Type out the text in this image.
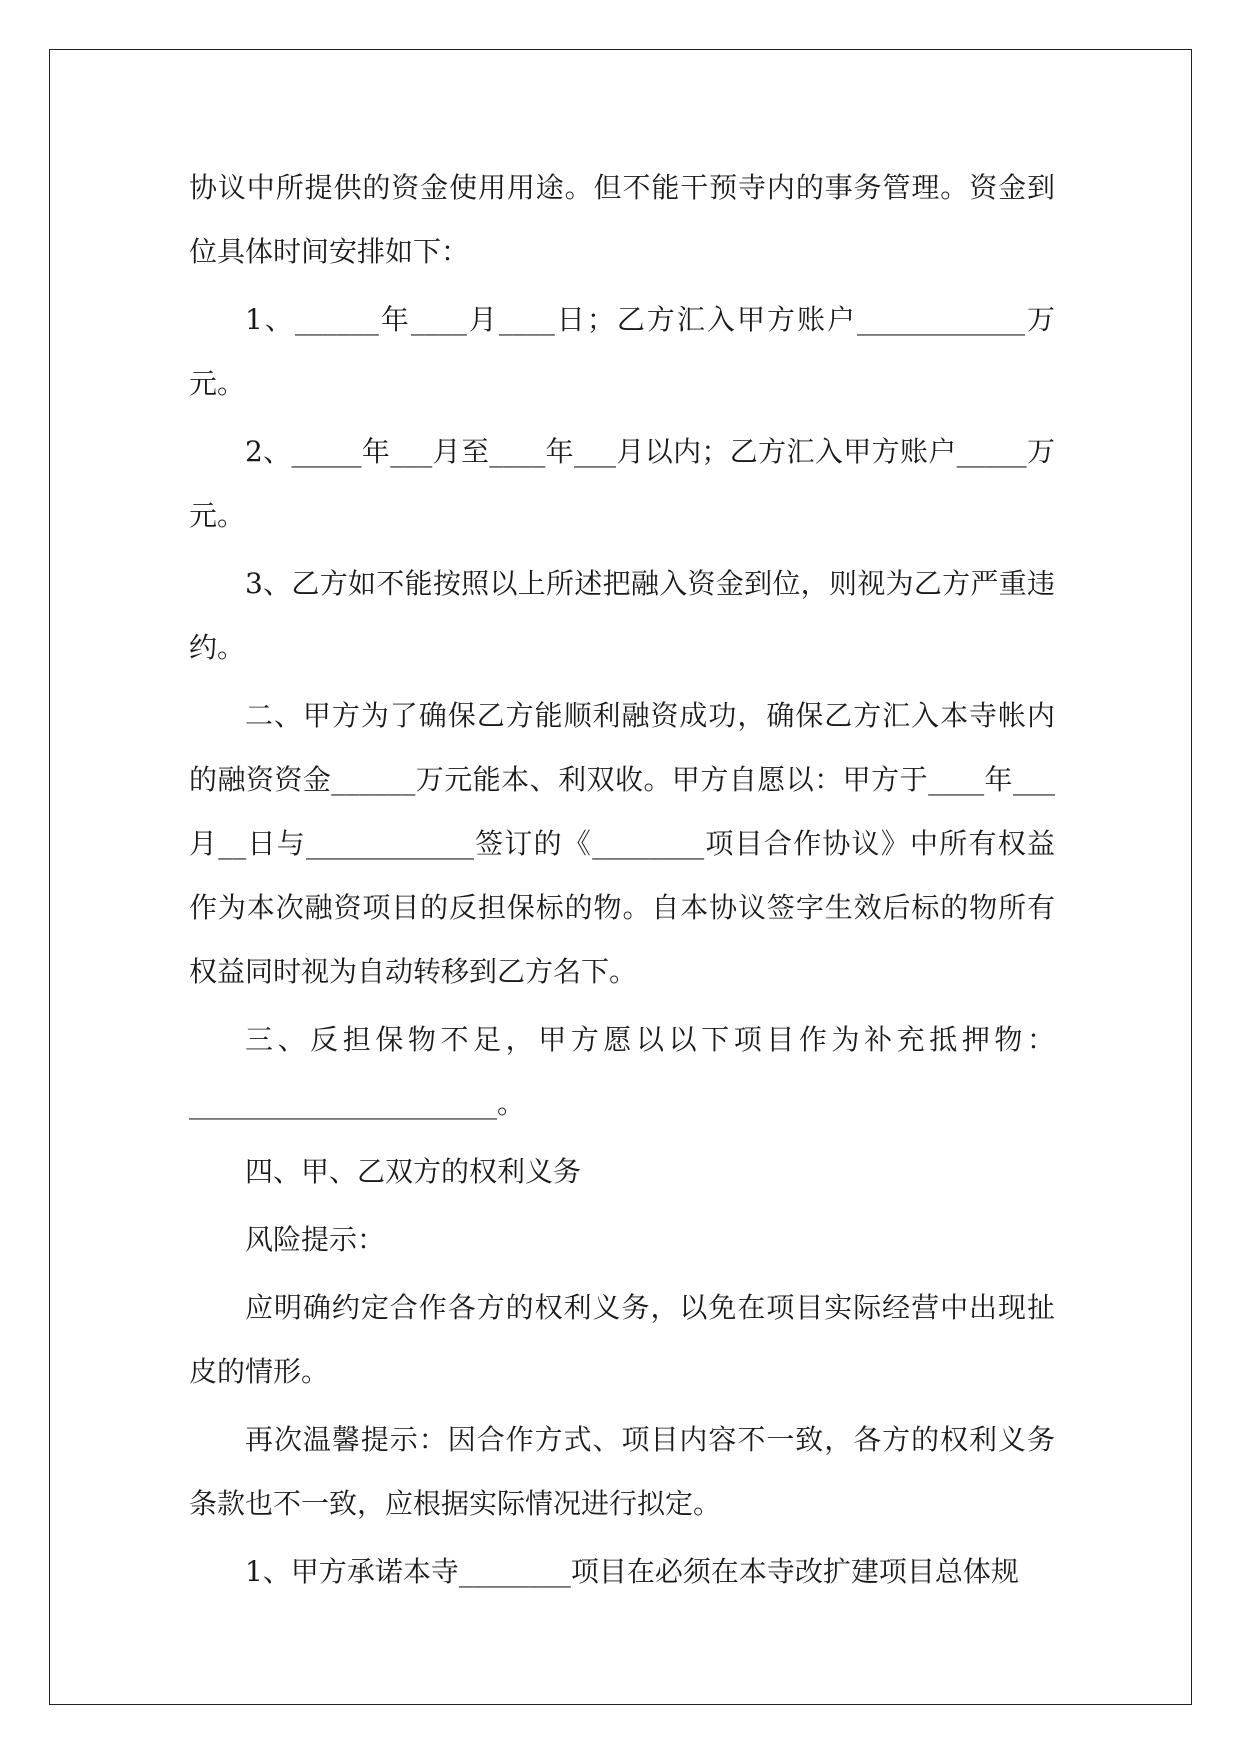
协议中所提供的资金使用用途。但不能干预寺内的事务管理。资金到位具体时间安排如下：

1、______年____月____日；乙方汇入甲方账户____________万元。

2、_____年___月至____年___月以内；乙方汇入甲方账户_____万元。

3、乙方如不能按照以上所述把融入资金到位，则视为乙方严重违约。

二、甲方为了确保乙方能顺利融资成功，确保乙方汇入本寺帐内的融资资金______万元能本、利双收。甲方自愿以：甲方于____年___月__日与____________签订的《________项目合作协议》中所有权益作为本次融资项目的反担保标的物。自本协议签字生效后标的物所有权益同时视为自动转移到乙方名下。

三、反担保物不足，甲方愿以以下项目作为补充抵押物：______________________。

四、甲、乙双方的权利义务

风险提示：

应明确约定合作各方的权利义务，以免在项目实际经营中出现扯皮的情形。

再次温馨提示：因合作方式、项目内容不一致，各方的权利义务条款也不一致，应根据实际情况进行拟定。

1、甲方承诺本寺________项目在必须在本寺改扩建项目总体规
